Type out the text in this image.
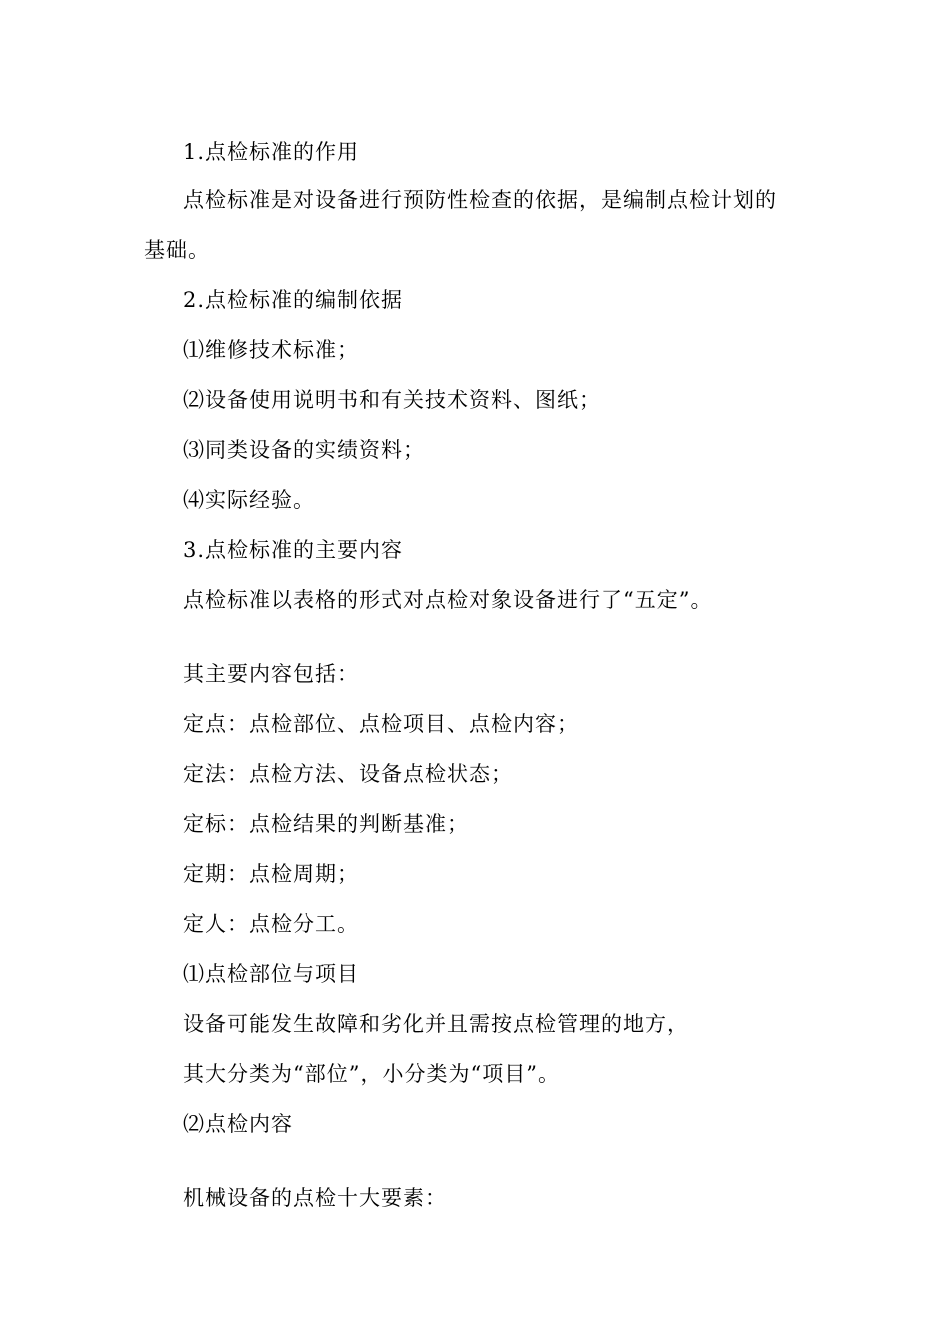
1.点检标准的作用
点检标准是对设备进行预防性检查的依据，是编制点检计划的
基础。
2.点检标准的编制依据
⑴维修技术标准；
⑵设备使用说明书和有关技术资料、图纸；
⑶同类设备的实绩资料；
⑷实际经验。
3.点检标准的主要内容
点检标准以表格的形式对点检对象设备进行了“五定”。
其主要内容包括：
定点：点检部位、点检项目、点检内容；
定法：点检方法、设备点检状态；
定标：点检结果的判断基准；
定期：点检周期；
定人：点检分工。
⑴点检部位与项目
设备可能发生故障和劣化并且需按点检管理的地方，
其大分类为“部位”，小分类为“项目”。
⑵点检内容
机械设备的点检十大要素：
